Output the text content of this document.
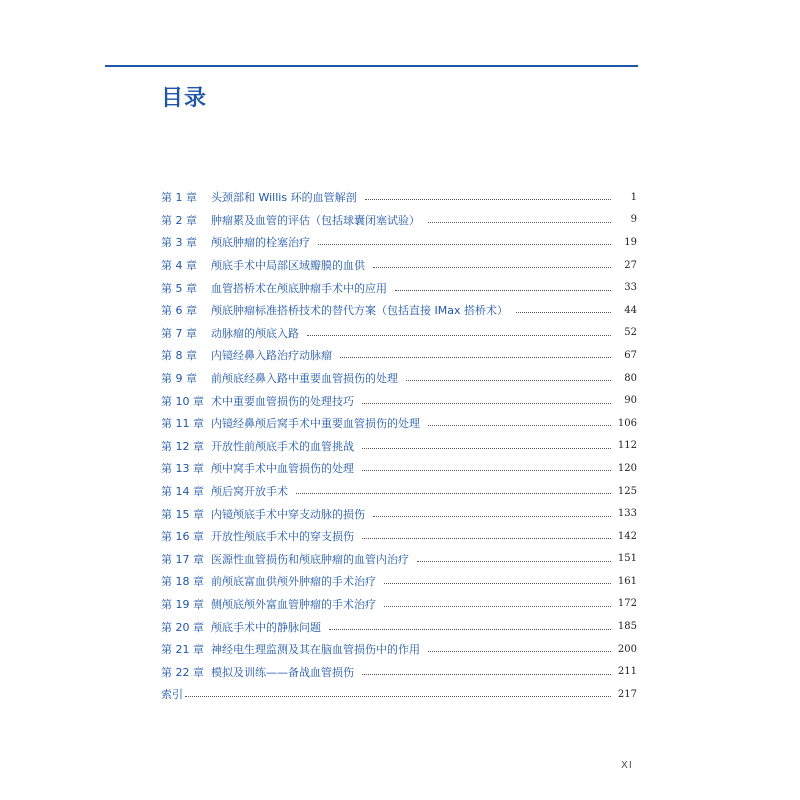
目录
第 1 章	头颈部和 Willis 环的血管解剖	1
第 2 章	肿瘤累及血管的评估（包括球囊闭塞试验）	9
第 3 章	颅底肿瘤的栓塞治疗	19
第 4 章	颅底手术中局部区域瓣膜的血供	27
第 5 章	血管搭桥术在颅底肿瘤手术中的应用	33
第 6 章	颅底肿瘤标准搭桥技术的替代方案（包括直接 IMax 搭桥术）	44
第 7 章	动脉瘤的颅底入路	52
第 8 章	内镜经鼻入路治疗动脉瘤	67
第 9 章	前颅底经鼻入路中重要血管损伤的处理	80
第 10 章 术中重要血管损伤的处理技巧	90
第 11 章 内镜经鼻颅后窝手术中重要血管损伤的处理	106
第 12 章 开放性前颅底手术的血管挑战	112
第 13 章 颅中窝手术中血管损伤的处理	120
第 14 章 颅后窝开放手术	125
第 15 章 内镜颅底手术中穿支动脉的损伤	133
第 16 章 开放性颅底手术中的穿支损伤	142
第 17 章 医源性血管损伤和颅底肿瘤的血管内治疗	151
第 18 章 前颅底富血供颅外肿瘤的手术治疗	161
第 19 章 侧颅底颅外富血管肿瘤的手术治疗	172
第 20 章 颅底手术中的静脉问题	185
第 21 章 神经电生理监测及其在脑血管损伤中的作用	200
第 22 章 模拟及训练——备战血管损伤	211
索引	217
XI
